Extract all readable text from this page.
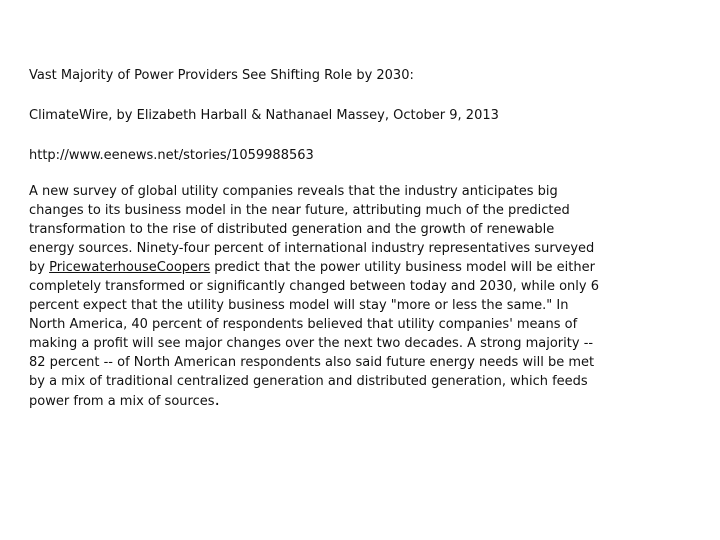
Vast Majority of Power Providers See Shifting Role by 2030:

ClimateWire, by Elizabeth Harball & Nathanael Massey, October 9, 2013

http://www.eenews.net/stories/1059988563

A new survey of global utility companies reveals that the industry anticipates big changes to its business model in the near future, attributing much of the predicted transformation to the rise of distributed generation and the growth of renewable energy sources. Ninety-four percent of international industry representatives surveyed by PricewaterhouseCoopers predict that the power utility business model will be either completely transformed or significantly changed between today and 2030, while only 6 percent expect that the utility business model will stay "more or less the same." In North America, 40 percent of respondents believed that utility companies' means of making a profit will see major changes over the next two decades. A strong majority -- 82 percent -- of North American respondents also said future energy needs will be met by a mix of traditional centralized generation and distributed generation, which feeds power from a mix of sources.
